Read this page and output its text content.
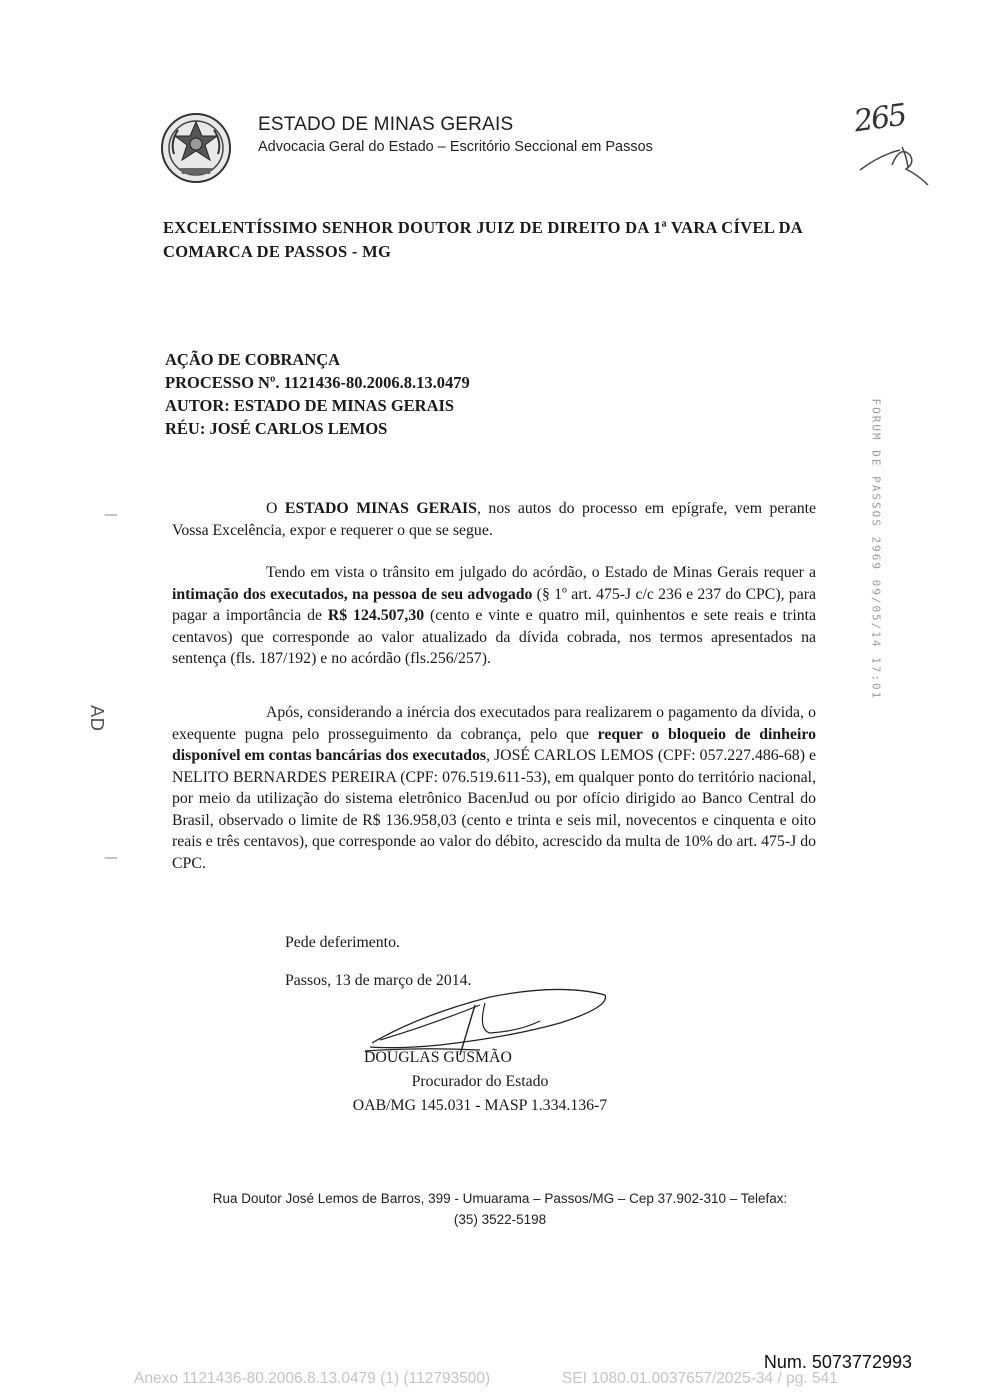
ESTADO DE MINAS GERAIS
Advocacia Geral do Estado – Escritório Seccional em Passos
265
FORUM DE PASSOS 2969 09/05/14 17:01
EXCELENTÍSSIMO SENHOR DOUTOR JUIZ DE DIREITO DA 1ª VARA CÍVEL DA COMARCA DE PASSOS - MG
AÇÃO DE COBRANÇA
PROCESSO Nº. 1121436-80.2006.8.13.0479
AUTOR: ESTADO DE MINAS GERAIS
RÉU: JOSÉ CARLOS LEMOS
O ESTADO MINAS GERAIS, nos autos do processo em epígrafe, vem perante Vossa Excelência, expor e requerer o que se segue.
Tendo em vista o trânsito em julgado do acórdão, o Estado de Minas Gerais requer a intimação dos executados, na pessoa de seu advogado (§ 1º art. 475-J c/c 236 e 237 do CPC), para pagar a importância de R$ 124.507,30 (cento e vinte e quatro mil, quinhentos e sete reais e trinta centavos) que corresponde ao valor atualizado da dívida cobrada, nos termos apresentados na sentença (fls. 187/192) e no acórdão (fls.256/257).
Após, considerando a inércia dos executados para realizarem o pagamento da dívida, o exequente pugna pelo prosseguimento da cobrança, pelo que requer o bloqueio de dinheiro disponível em contas bancárias dos executados, JOSÉ CARLOS LEMOS (CPF: 057.227.486-68) e NELITO BERNARDES PEREIRA (CPF: 076.519.611-53), em qualquer ponto do território nacional, por meio da utilização do sistema eletrônico BacenJud ou por ofício dirigido ao Banco Central do Brasil, observado o limite de R$ 136.958,03 (cento e trinta e seis mil, novecentos e cinquenta e oito reais e três centavos), que corresponde ao valor do débito, acrescido da multa de 10% do art. 475-J do CPC.
Pede deferimento.
Passos, 13 de março de 2014.
DOUGLAS GUSMÃO
Procurador do Estado
OAB/MG 145.031 - MASP 1.334.136-7
Rua Doutor José Lemos de Barros, 399 - Umuarama – Passos/MG – Cep 37.902-310 – Telefax:
(35) 3522-5198
—
—
AD
Num. 5073772993
Anexo 1121436-80.2006.8.13.0479 (1) (112793500)	SEI 1080.01.0037657/2025-34 / pg. 541
